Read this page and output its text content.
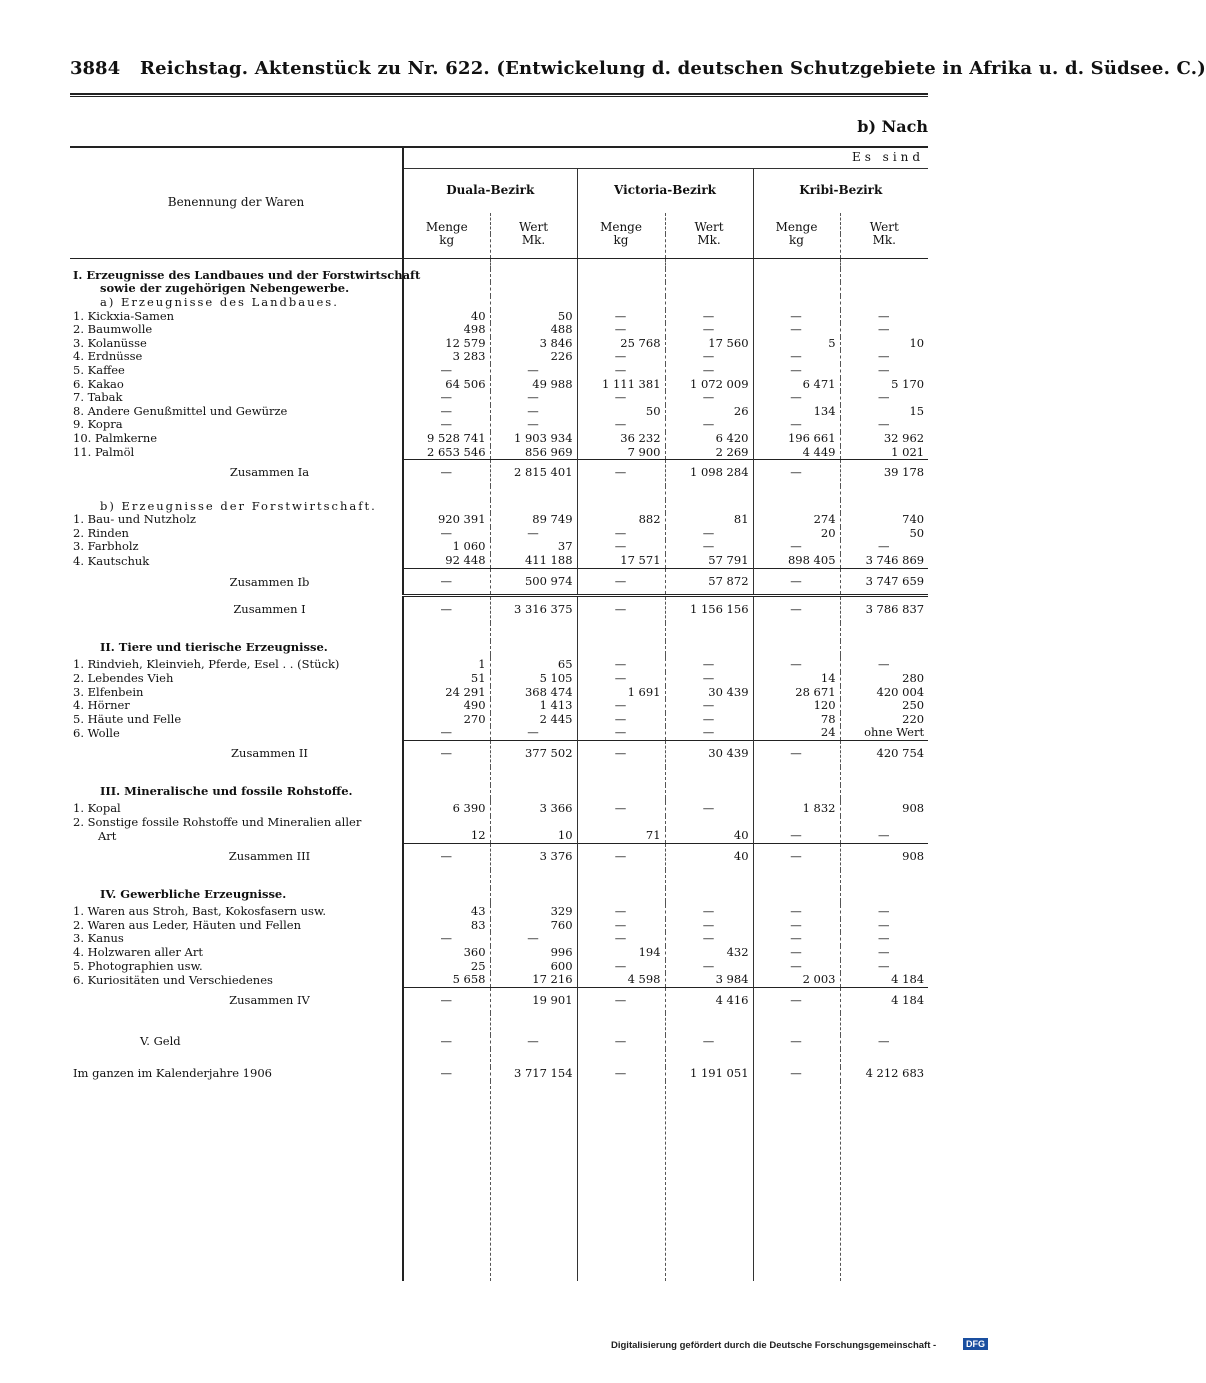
3884 Reichstag. Aktenstück zu Nr. 622. (Entwickelung d. deutschen Schutzgebiete in Afrika u. d. Südsee. C.)
b) Nach
Benennung der Waren	Es sind					
	Duala-Bezirk		Victoria-Bezirk		Kribi-Bezirk	
	Menge	Wert	Menge	Wert	Menge	Wert
	kg	Mk.	kg	Mk.	kg	Mk.

I. Erzeugnisse des Landbaues und der Forstwirtschaft						
sowie der zugehörigen Nebengewerbe.						
a) Erzeugnisse des Landbaues.						
1. Kickxia-Samen	40	50	—	—	—	—
2. Baumwolle	498	488	—	—	—	—
3. Kolanüsse	12 579	3 846	25 768	17 560	5	10
4. Erdnüsse	3 283	226	—	—	—	—
5. Kaffee	—	—	—	—	—	—
6. Kakao	64 506	49 988	1 111 381	1 072 009	6 471	5 170
7. Tabak	—	—	—	—	—	—
8. Andere Genußmittel und Gewürze	—	—	50	26	134	15
9. Kopra	—	—	—	—	—	—
10. Palmkerne	9 528 741	1 903 934	36 232	6 420	196 661	32 962
11. Palmöl	2 653 546	856 969	7 900	2 269	4 449	1 021
Zusammen Ia	—	2 815 401	—	1 098 284	—	39 178

b) Erzeugnisse der Forstwirtschaft.						
1. Bau- und Nutzholz	920 391	89 749	882	81	274	740
2. Rinden	—	—	—	—	20	50
3. Farbholz	1 060	37	—	—	—	—
4. Kautschuk	92 448	411 188	17 571	57 791	898 405	3 746 869
Zusammen Ib	—	500 974	—	57 872	—	3 747 659
Zusammen I	—	3 316 375	—	1 156 156	—	3 786 837

II. Tiere und tierische Erzeugnisse.						

1. Rindvieh, Kleinvieh, Pferde, Esel . . (Stück)	1	65	—	—	—	—
2. Lebendes Vieh	51	5 105	—	—	14	280
3. Elfenbein	24 291	368 474	1 691	30 439	28 671	420 004
4. Hörner	490	1 413	—	—	120	250
5. Häute und Felle	270	2 445	—	—	78	220
6. Wolle	—	—	—	—	24	ohne Wert
Zusammen II	—	377 502	—	30 439	—	420 754

III. Mineralische und fossile Rohstoffe.						

1. Kopal	6 390	3 366	—	—	1 832	908
2. Sonstige fossile Rohstoffe und Mineralien aller						
Art	12	10	71	40	—	—
Zusammen III	—	3 376	—	40	—	908

IV. Gewerbliche Erzeugnisse.						

1. Waren aus Stroh, Bast, Kokosfasern usw.	43	329	—	—	—	—
2. Waren aus Leder, Häuten und Fellen	83	760	—	—	—	—
3. Kanus	—	—	—	—	—	—
4. Holzwaren aller Art	360	996	194	432	—	—
5. Photographien usw.	25	600	—	—	—	—
6. Kuriositäten und Verschiedenes	5 658	17 216	4 598	3 984	2 003	4 184
Zusammen IV	—	19 901	—	4 416	—	4 184

V. Geld	—	—	—	—	—	—

Im ganzen im Kalenderjahre 1906	—	3 717 154	—	1 191 051	—	4 212 683

Digitalisierung gefördert durch die Deutsche Forschungsgemeinschaft -	DFG
